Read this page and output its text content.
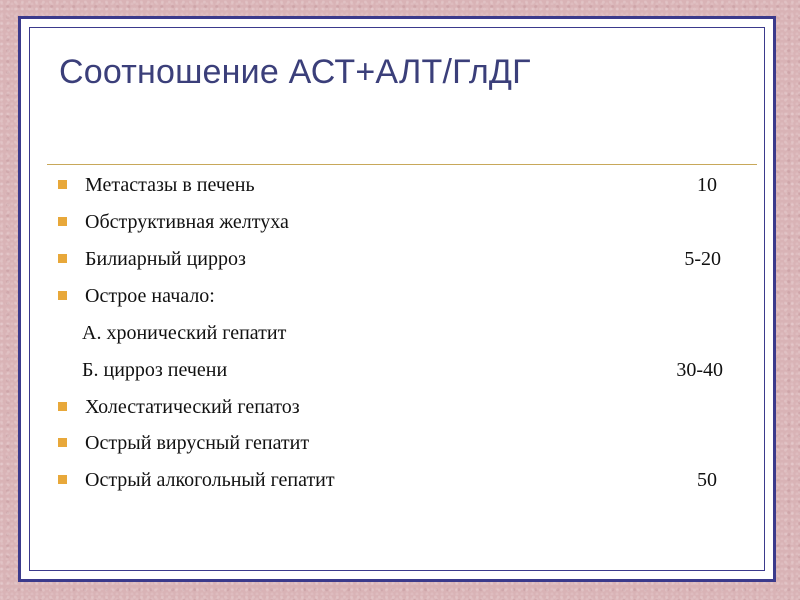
Соотношение АСТ+АЛТ/ГлДГ
Метастазы в печень	10
Обструктивная желтуха
Билиарный цирроз	5-20
Острое начало:
А. хронический гепатит
Б. цирроз печени	30-40
Холестатический гепатоз
Острый вирусный гепатит
Острый алкогольный гепатит	50
